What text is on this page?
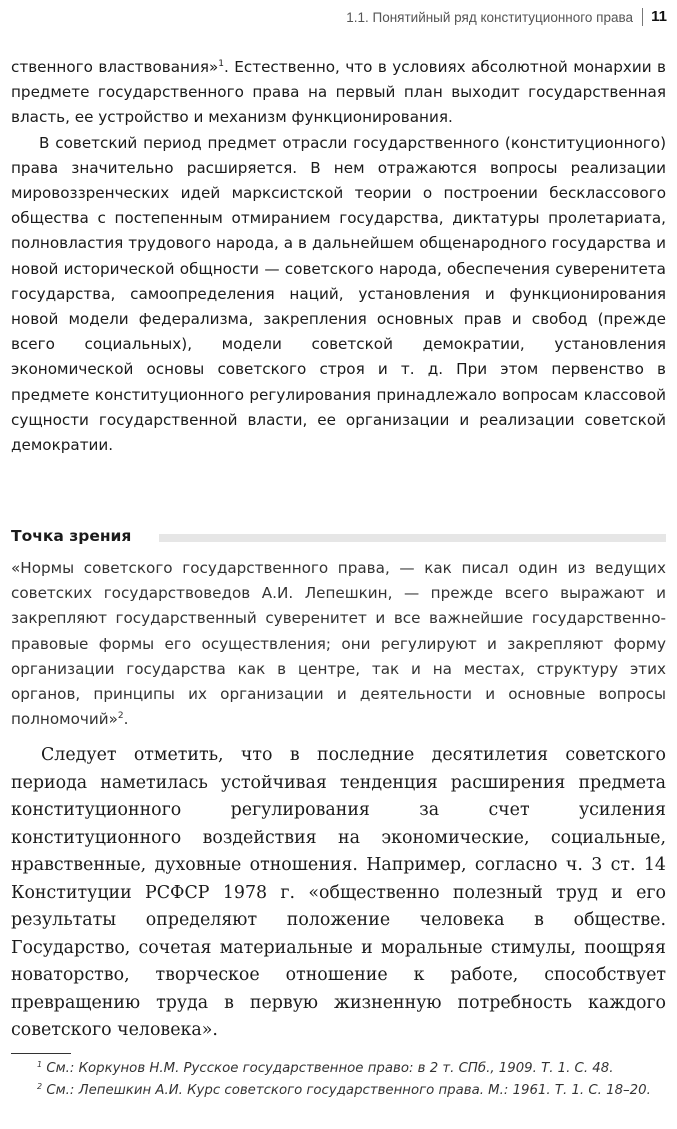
1.1. Понятийный ряд конституционного права 11

ственного властвования»$^1$. Естественно, что в условиях абсолютной монархии в предмете государственного права на первый план выходит государственная власть, ее устройство и механизм функционирования.

В советский период предмет отрасли государственного (конституционного) права значительно расширяется. В нем отражаются вопросы реализации мировоззренческих идей марксистской теории о построении бесклассового общества с постепенным отмиранием государства, диктатуры пролетариата, полновластия трудового народа, а в дальнейшем общенародного государства и новой исторической общности — советского народа, обеспечения суверенитета государства, самоопределения наций, установления и функционирования новой модели федерализма, закрепления основных прав и свобод (прежде всего социальных), модели советской демократии, установления экономической основы советского строя и т. д. При этом первенство в предмете конституционного регулирования принадлежало вопросам классовой сущности государственной власти, ее организации и реализации советской демократии.

Точка зрения
«Нормы советского государственного права, — как писал один из ведущих советских государствоведов А.И. Лепешкин, — прежде всего выражают и закрепляют государственный суверенитет и все важнейшие государственно-правовые формы его осуществления; они регулируют и закрепляют форму организации государства как в центре, так и на местах, структуру этих органов, принципы их организации и деятельности и основные вопросы полномочий»$^2$.

Следует отметить, что в последние десятилетия советского периода наметилась устойчивая тенденция расширения предмета конституционного регулирования за счет усиления конституционного воздействия на экономические, социальные, нравственные, духовные отношения. Например, согласно ч. 3 ст. 14 Конституции РСФСР 1978 г. «общественно полезный труд и его результаты определяют положение человека в обществе. Государство, сочетая материальные и моральные стимулы, поощряя новаторство, творческое отношение к работе, способствует превращению труда в первую жизненную потребность каждого советского человека».

$^1$ См.: Коркунов Н.М. Русское государственное право: в 2 т. СПб., 1909. Т. 1. С. 48.

$^2$ См.: Лепешкин А.И. Курс советского государственного права. М.: 1961. Т. 1. С. 18–20.
